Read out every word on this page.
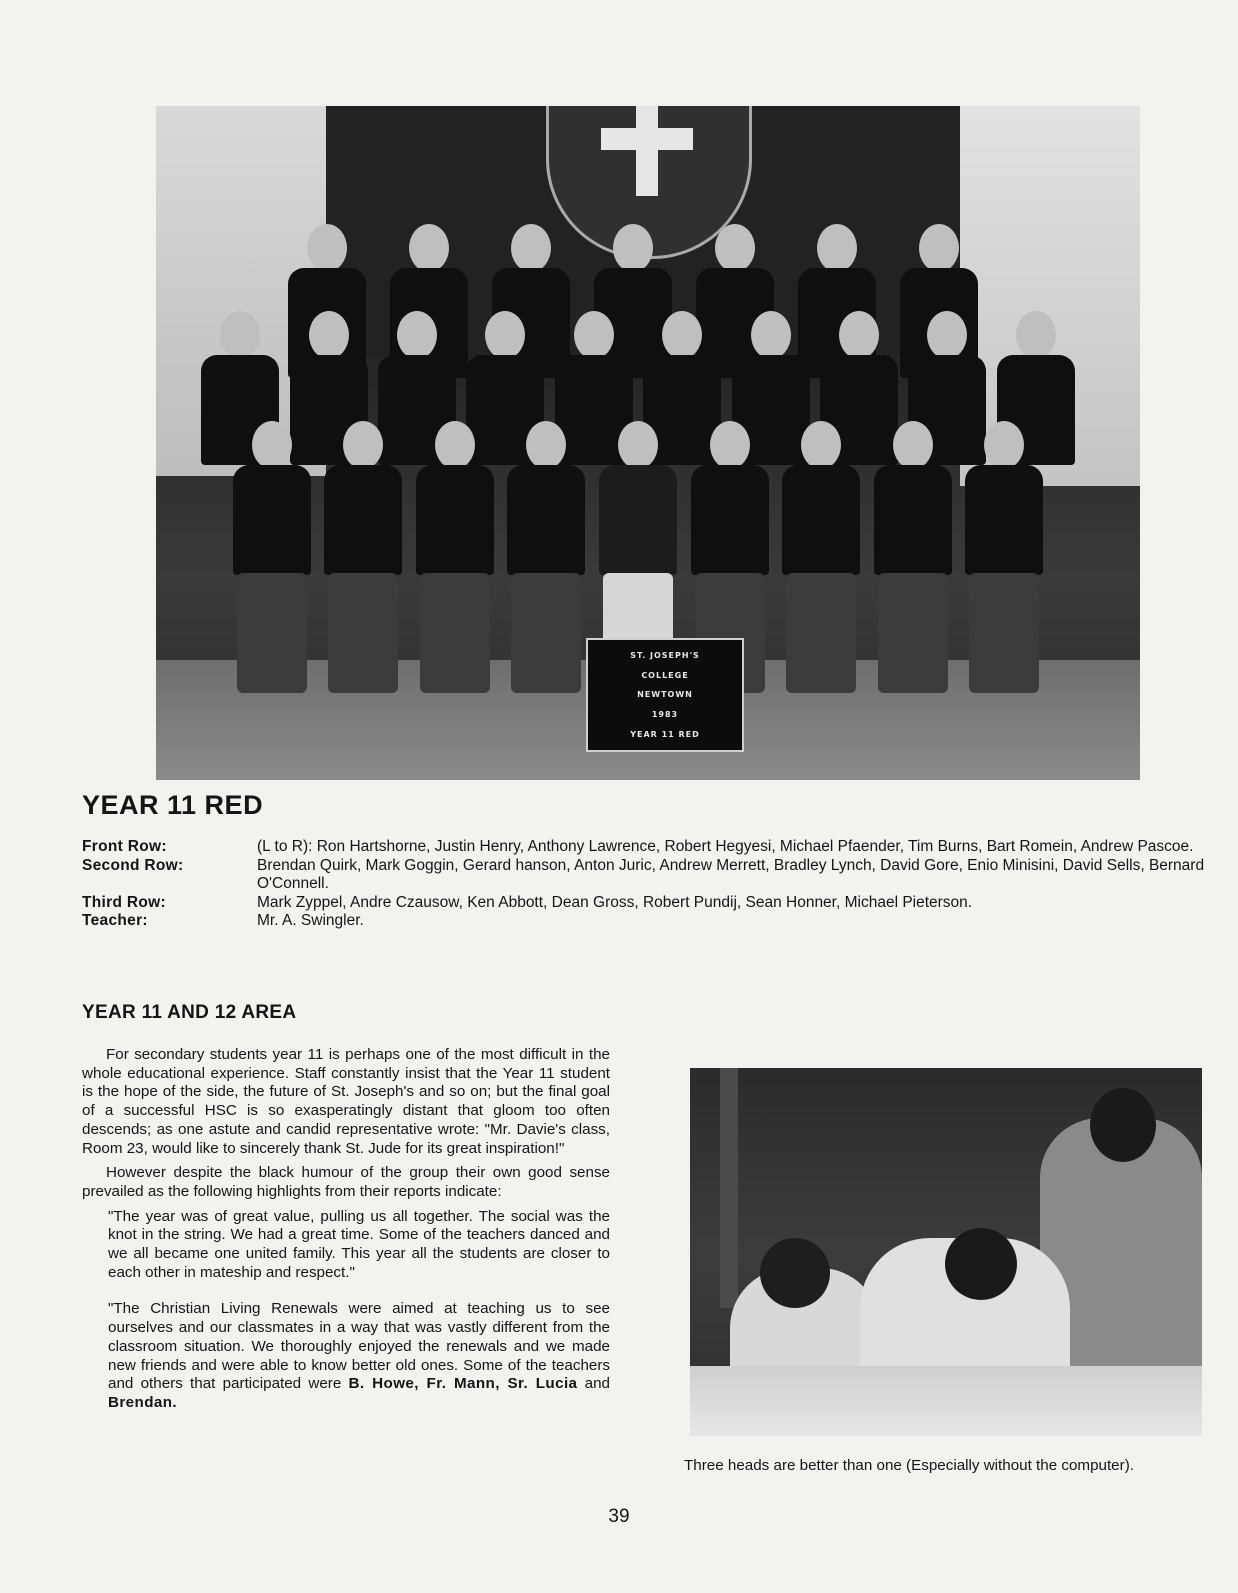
ST. JOSEPH'S
COLLEGE
NEWTOWN
1983
YEAR 11 RED
YEAR 11 RED
Front Row:	(L to R): Ron Hartshorne, Justin Henry, Anthony Lawrence, Robert Hegyesi, Michael Pfaender, Tim Burns, Bart Romein, Andrew Pascoe.
Second Row:	Brendan Quirk, Mark Goggin, Gerard hanson, Anton Juric, Andrew Merrett, Bradley Lynch, David Gore, Enio Minisini, David Sells, Bernard O'Connell.
Third Row:	Mark Zyppel, Andre Czausow, Ken Abbott, Dean Gross, Robert Pundij, Sean Honner, Michael Pieterson.
Teacher:	Mr. A. Swingler.
YEAR 11 AND 12 AREA

For secondary students year 11 is perhaps one of the most difficult in the whole educational experience. Staff constantly insist that the Year 11 student is the hope of the side, the future of St. Joseph's and so on; but the final goal of a successful HSC is so exasperatingly distant that gloom too often descends; as one astute and candid representative wrote: "Mr. Davie's class, Room 23, would like to sincerely thank St. Jude for its great inspiration!"

However despite the black humour of the group their own good sense prevailed as the following highlights from their reports indicate:

"The year was of great value, pulling us all together. The social was the knot in the string. We had a great time. Some of the teachers danced and we all became one united family. This year all the students are closer to each other in mateship and respect."

"The Christian Living Renewals were aimed at teaching us to see ourselves and our classmates in a way that was vastly different from the classroom situation. We thoroughly enjoyed the renewals and we made new friends and were able to know better old ones. Some of the teachers and others that participated were B. Howe, Fr. Mann, Sr. Lucia and Brendan.

Three heads are better than one (Especially without the computer).
39
